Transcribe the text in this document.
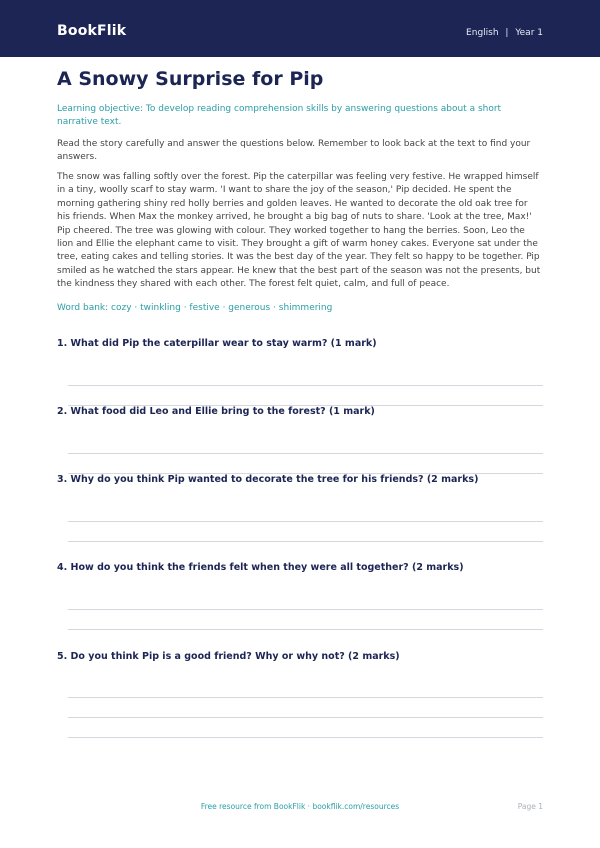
BookFlik	English | Year 1
A Snowy Surprise for Pip
Learning objective: To develop reading comprehension skills by answering questions about a short narrative text.
Read the story carefully and answer the questions below. Remember to look back at the text to find your answers.
The snow was falling softly over the forest. Pip the caterpillar was feeling very festive. He wrapped himself in a tiny, woolly scarf to stay warm. 'I want to share the joy of the season,' Pip decided. He spent the morning gathering shiny red holly berries and golden leaves. He wanted to decorate the old oak tree for his friends. When Max the monkey arrived, he brought a big bag of nuts to share. 'Look at the tree, Max!' Pip cheered. The tree was glowing with colour. They worked together to hang the berries. Soon, Leo the lion and Ellie the elephant came to visit. They brought a gift of warm honey cakes. Everyone sat under the tree, eating cakes and telling stories. It was the best day of the year. They felt so happy to be together. Pip smiled as he watched the stars appear. He knew that the best part of the season was not the presents, but the kindness they shared with each other. The forest felt quiet, calm, and full of peace.
Word bank: cozy · twinkling · festive · generous · shimmering
1. What did Pip the caterpillar wear to stay warm? (1 mark)
2. What food did Leo and Ellie bring to the forest? (1 mark)
3. Why do you think Pip wanted to decorate the tree for his friends? (2 marks)
4. How do you think the friends felt when they were all together? (2 marks)
5. Do you think Pip is a good friend? Why or why not? (2 marks)
Free resource from BookFlik · bookflik.com/resources	Page 1
